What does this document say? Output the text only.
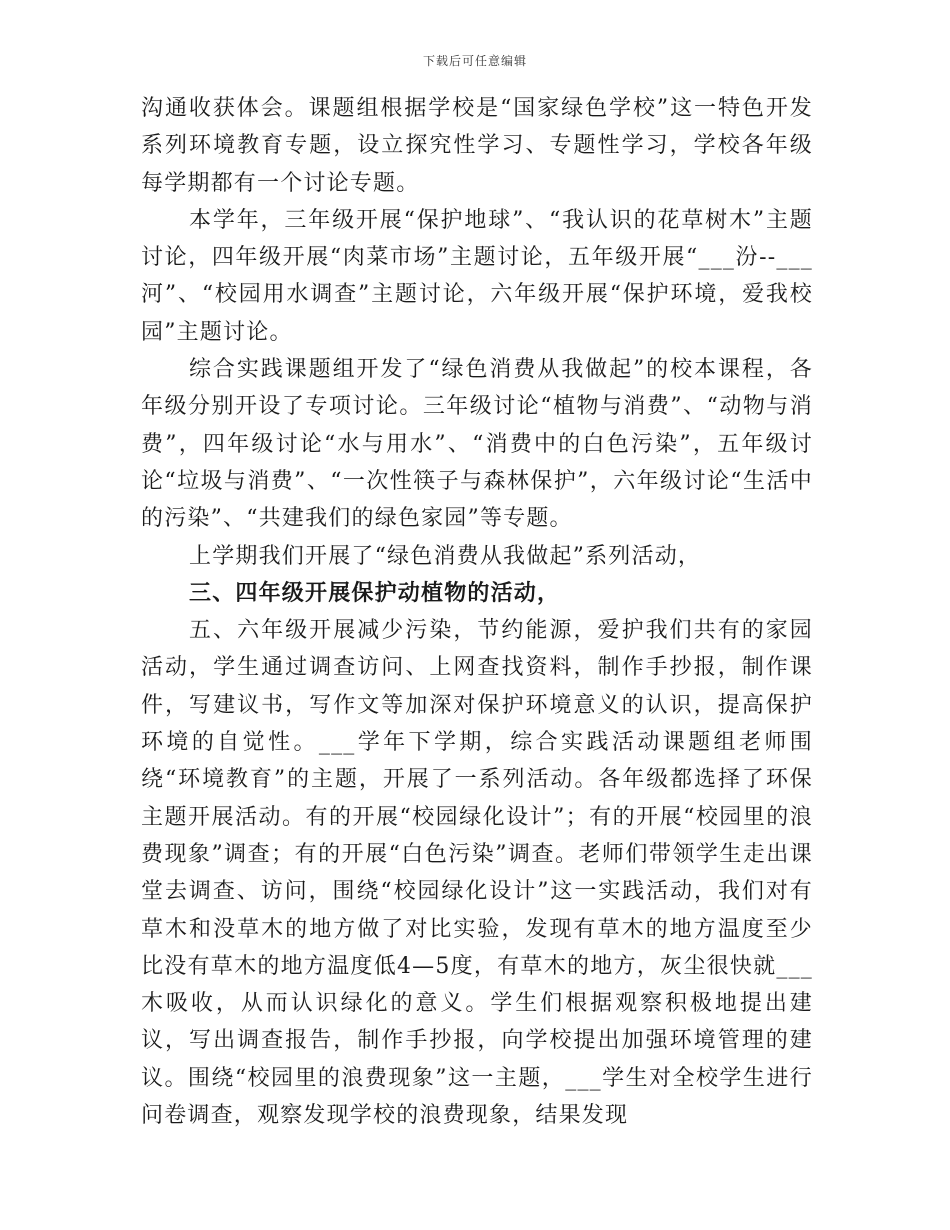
下载后可任意编辑

沟通收获体会。课题组根据学校是“国家绿色学校”这一特色开发系列环境教育专题，设立探究性学习、专题性学习，学校各年级每学期都有一个讨论专题。

本学年，三年级开展“保护地球”、“我认识的花草树木”主题讨论，四年级开展“肉菜市场”主题讨论，五年级开展“___汾--___河”、“校园用水调查”主题讨论，六年级开展“保护环境，爱我校园”主题讨论。

综合实践课题组开发了“绿色消费从我做起”的校本课程，各年级分别开设了专项讨论。三年级讨论“植物与消费”、“动物与消费”，四年级讨论“水与用水”、“消费中的白色污染”，五年级讨论“垃圾与消费”、“一次性筷子与森林保护”，六年级讨论“生活中的污染”、“共建我们的绿色家园”等专题。

上学期我们开展了“绿色消费从我做起”系列活动，

三、四年级开展保护动植物的活动，

五、六年级开展减少污染，节约能源，爱护我们共有的家园活动，学生通过调查访问、上网查找资料，制作手抄报，制作课件，写建议书，写作文等加深对保护环境意义的认识，提高保护环境的自觉性。___学年下学期，综合实践活动课题组老师围绕“环境教育”的主题，开展了一系列活动。各年级都选择了环保主题开展活动。有的开展“校园绿化设计”；有的开展“校园里的浪费现象”调查；有的开展“白色污染”调查。老师们带领学生走出课堂去调查、访问，围绕“校园绿化设计”这一实践活动，我们对有草木和没草木的地方做了对比实验，发现有草木的地方温度至少比没有草木的地方温度低4—5度，有草木的地方，灰尘很快就___木吸收，从而认识绿化的意义。学生们根据观察积极地提出建议，写出调查报告，制作手抄报，向学校提出加强环境管理的建议。围绕“校园里的浪费现象”这一主题，___学生对全校学生进行问卷调查，观察发现学校的浪费现象，结果发现
